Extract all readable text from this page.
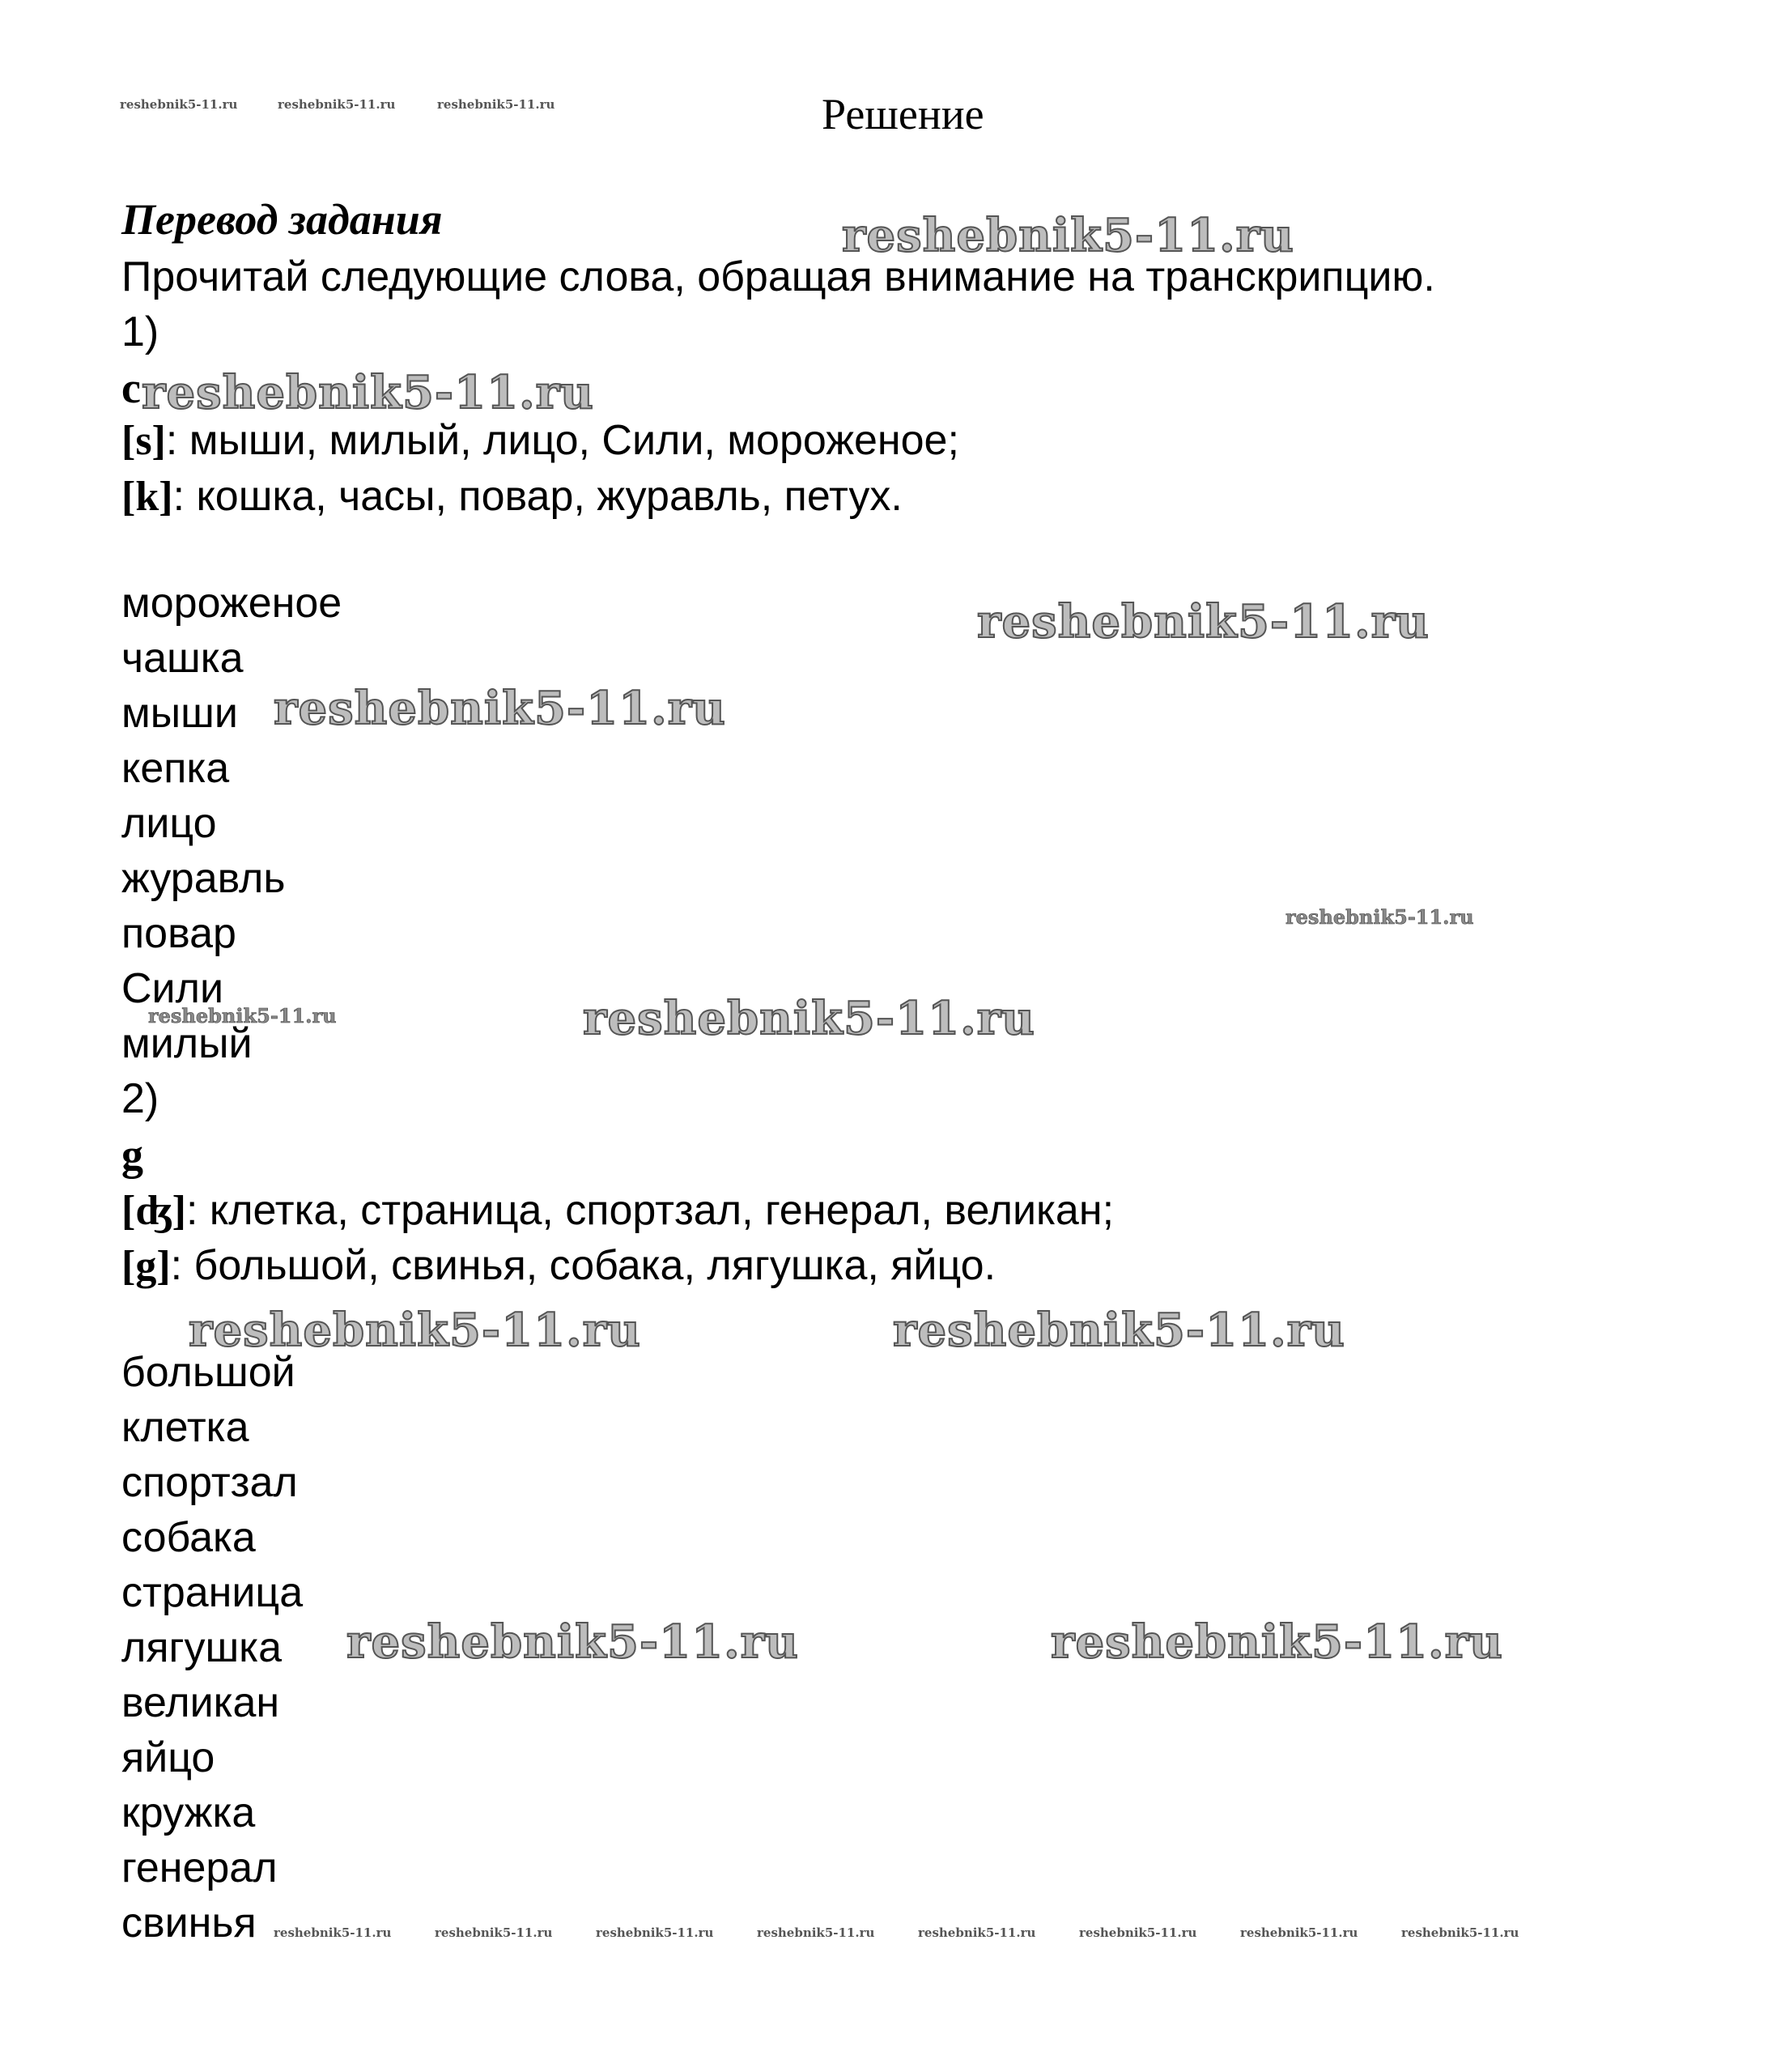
reshebnik5-11.ru	reshebnik5-11.ru	reshebnik5-11.ru	Решение
Перевод задания	reshebnik5-11.ru
Прочитай следующие слова, обращая внимание на транскрипцию.
1)
c reshebnik5-11.ru
[s]: мыши, милый, лицо, Сили, мороженое;
[k]: кошка, часы, повар, журавль, петух.
мороженое
чашка
мыши
кепка
лицо
журавль
повар
Сили
милый
reshebnik5-11.ru
reshebnik5-11.ru
reshebnik5-11.ru
reshebnik5-11.ru	reshebnik5-11.ru
2)
g
[ʤ]: клетка, страница, спортзал, генерал, великан;
[g]: большой, свинья, собака, лягушка, яйцо.
reshebnik5-11.ru	reshebnik5-11.ru
большой
клетка
спортзал
собака
страница
лягушка
великан
яйцо
кружка
генерал
свинья
reshebnik5-11.ru	reshebnik5-11.ru
reshebnik5-11.ru	reshebnik5-11.ru	reshebnik5-11.ru	reshebnik5-11.ru	reshebnik5-11.ru	reshebnik5-11.ru	reshebnik5-11.ru	reshebnik5-11.ru
